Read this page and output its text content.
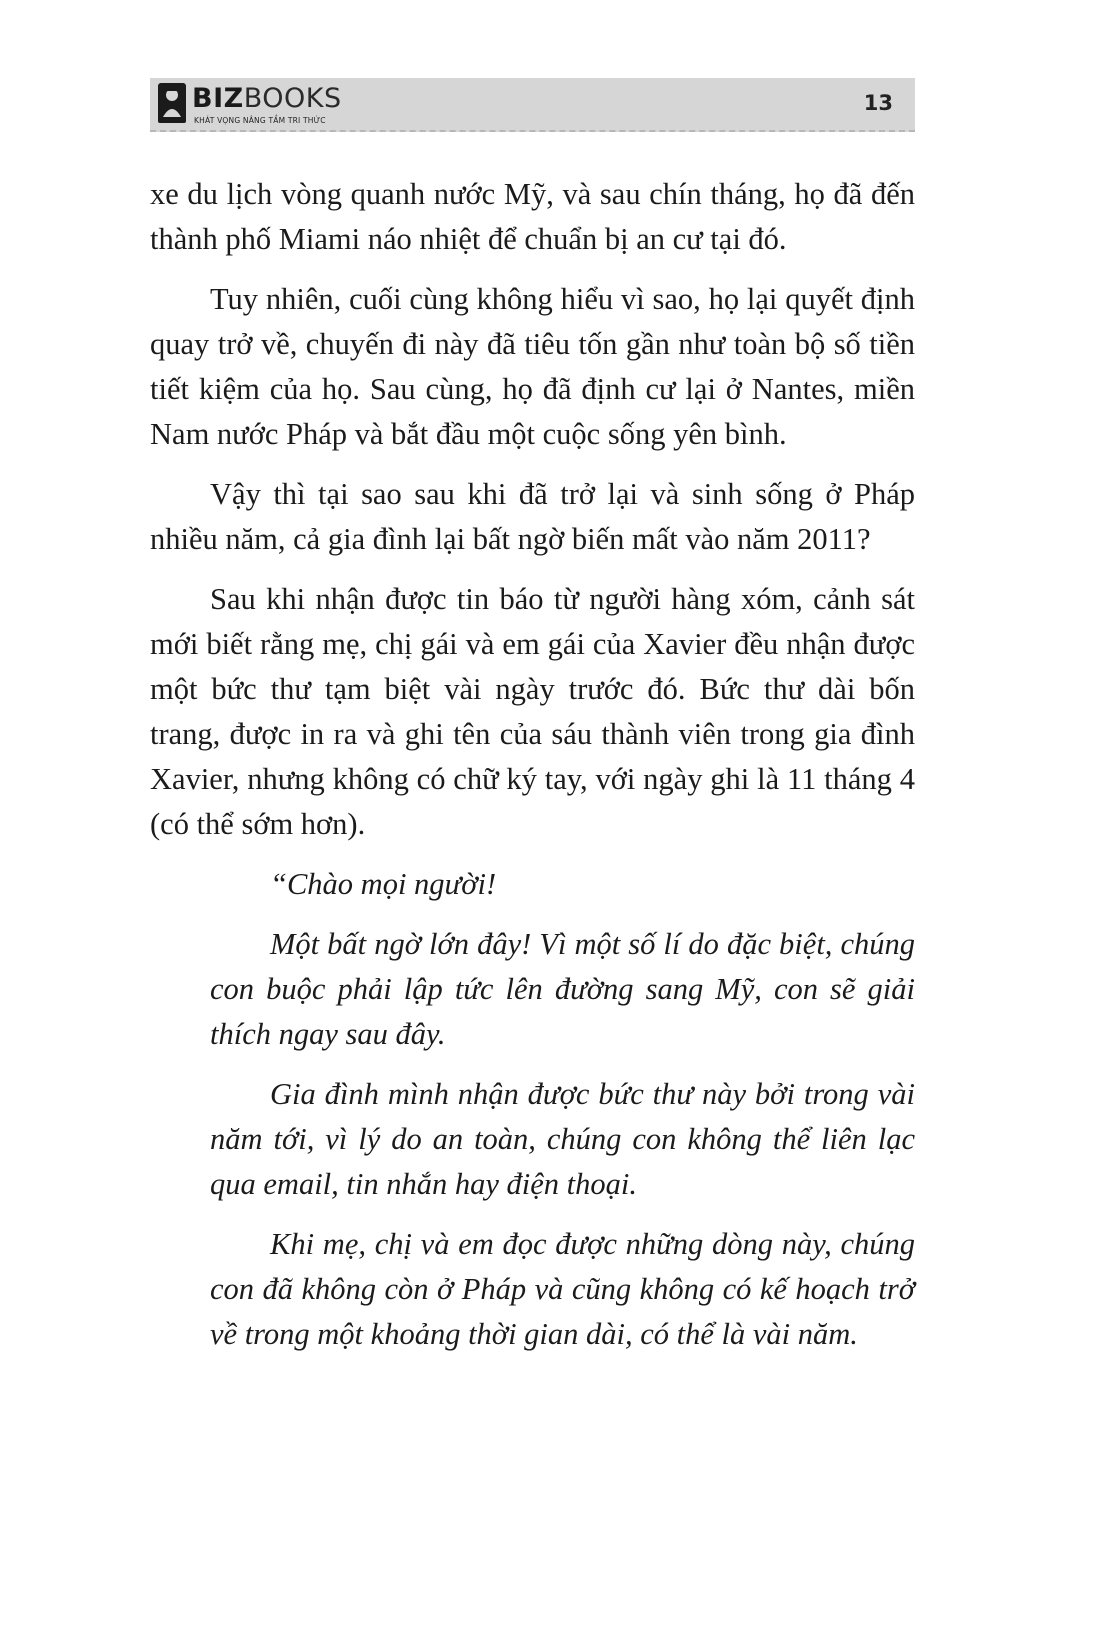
BIZBOOKS
KHÁT VỌNG NÂNG TẦM TRI THỨC
13

xe du lịch vòng quanh nước Mỹ, và sau chín tháng, họ đã đến thành phố Miami náo nhiệt để chuẩn bị an cư tại đó.

Tuy nhiên, cuối cùng không hiểu vì sao, họ lại quyết định quay trở về, chuyến đi này đã tiêu tốn gần như toàn bộ số tiền tiết kiệm của họ. Sau cùng, họ đã định cư lại ở Nantes, miền Nam nước Pháp và bắt đầu một cuộc sống yên bình.

Vậy thì tại sao sau khi đã trở lại và sinh sống ở Pháp nhiều năm, cả gia đình lại bất ngờ biến mất vào năm 2011?

Sau khi nhận được tin báo từ người hàng xóm, cảnh sát mới biết rằng mẹ, chị gái và em gái của Xavier đều nhận được một bức thư tạm biệt vài ngày trước đó. Bức thư dài bốn trang, được in ra và ghi tên của sáu thành viên trong gia đình Xavier, nhưng không có chữ ký tay, với ngày ghi là 11 tháng 4 (có thể sớm hơn).

“Chào mọi người!

Một bất ngờ lớn đây! Vì một số lí do đặc biệt, chúng con buộc phải lập tức lên đường sang Mỹ, con sẽ giải thích ngay sau đây.

Gia đình mình nhận được bức thư này bởi trong vài năm tới, vì lý do an toàn, chúng con không thể liên lạc qua email, tin nhắn hay điện thoại.

Khi mẹ, chị và em đọc được những dòng này, chúng con đã không còn ở Pháp và cũng không có kế hoạch trở về trong một khoảng thời gian dài, có thể là vài năm.
